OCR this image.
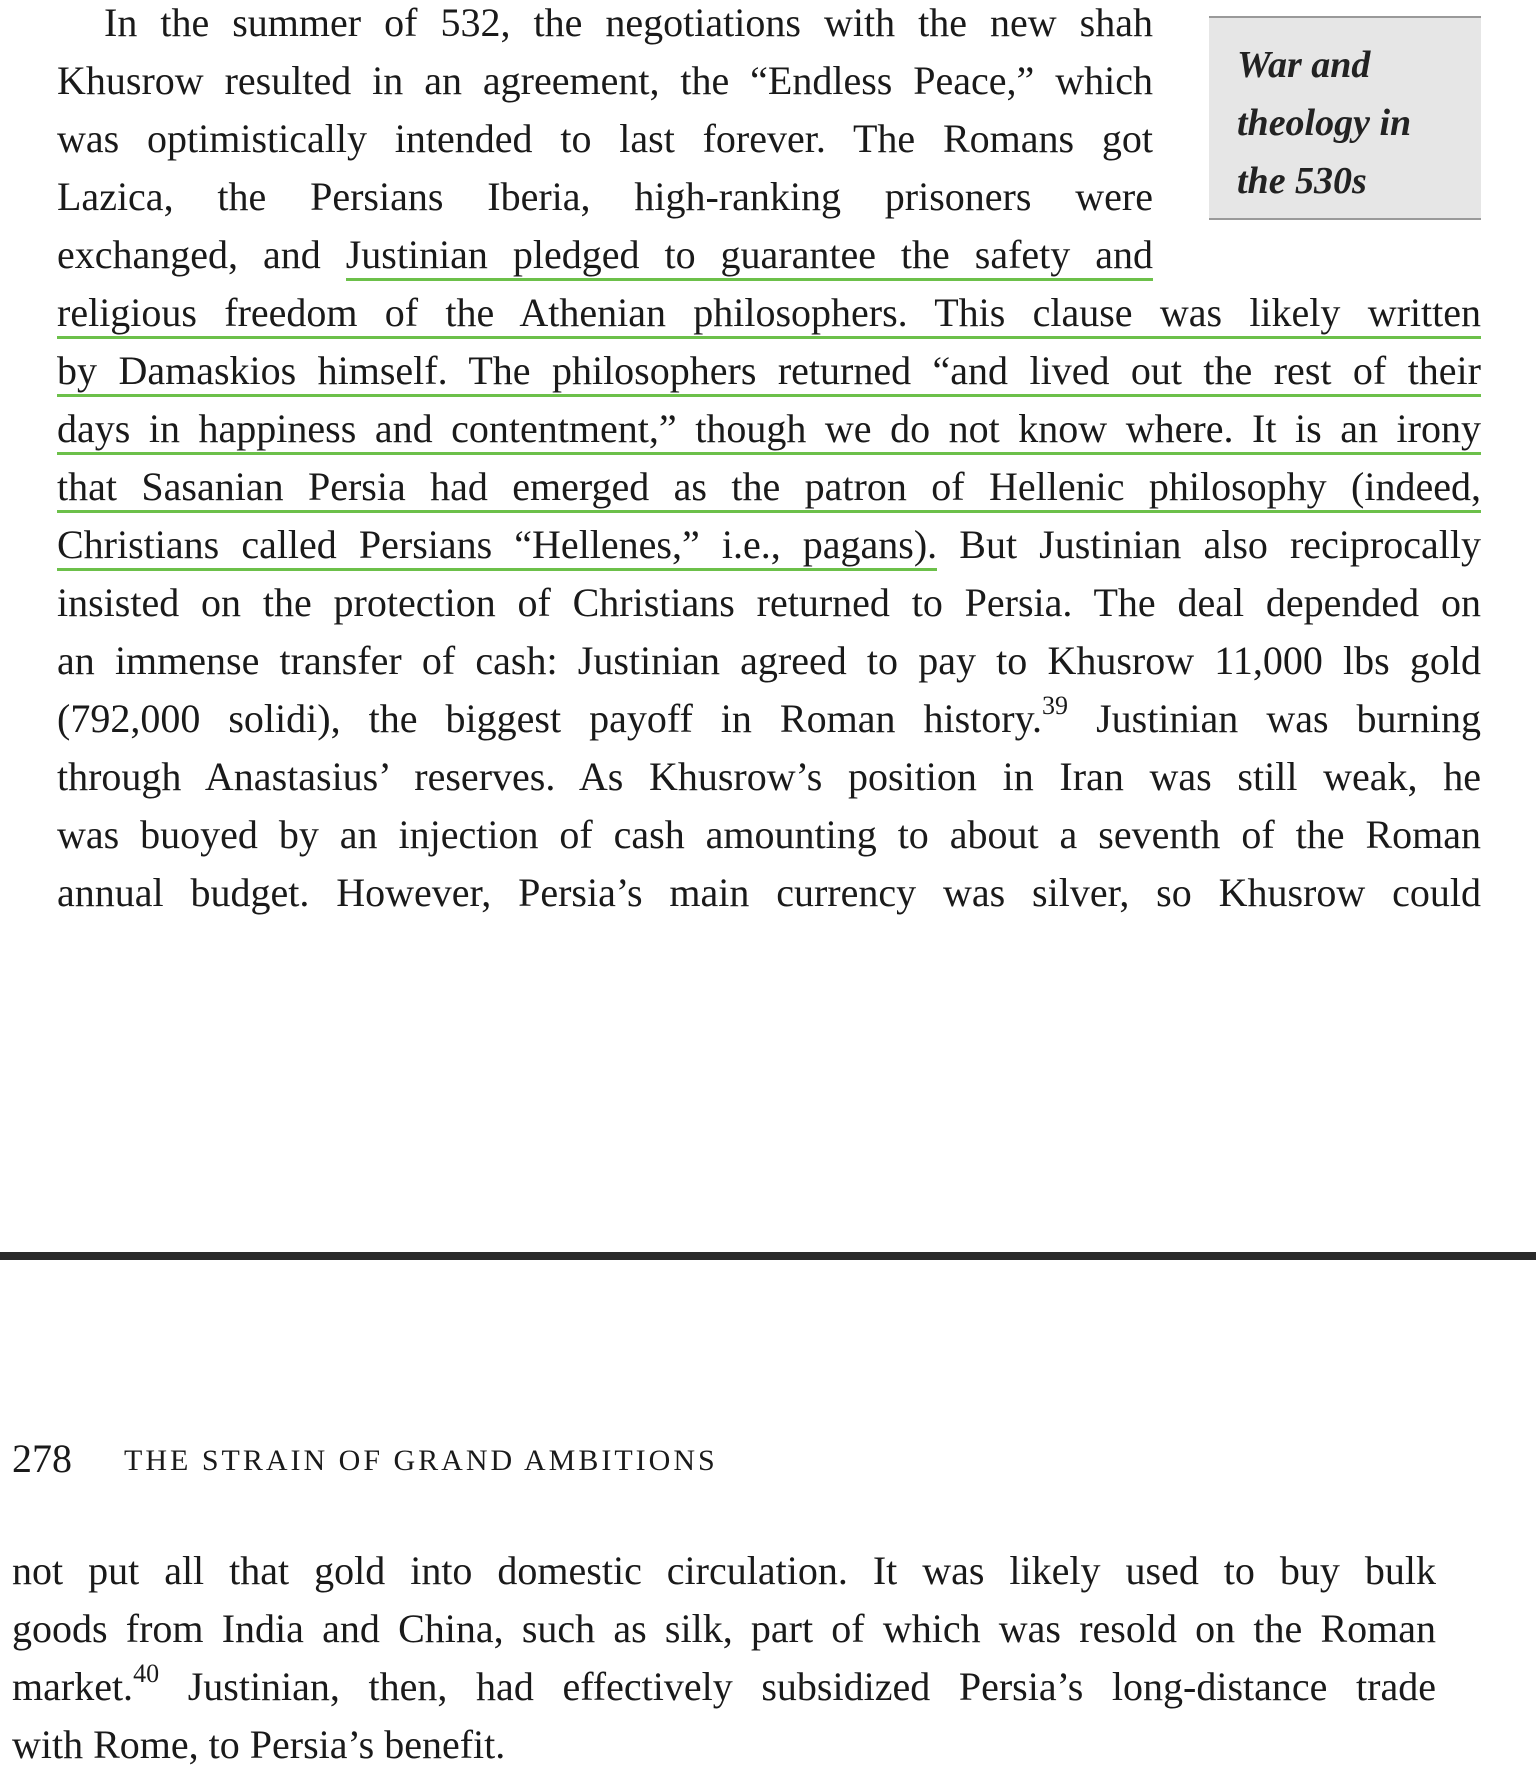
War and
theology in
the 530s
In the summer of 532, the negotiations with the new shah
Khusrow resulted in an agreement, the “Endless Peace,” which
was optimistically intended to last forever. The Romans got
Lazica, the Persians Iberia, high-ranking prisoners were
exchanged, and Justinian pledged to guarantee the safety and
religious freedom of the Athenian philosophers. This clause was likely written
by Damaskios himself. The philosophers returned “and lived out the rest of their
days in happiness and contentment,” though we do not know where. It is an irony
that Sasanian Persia had emerged as the patron of Hellenic philosophy (indeed,
Christians called Persians “Hellenes,” i.e., pagans). But Justinian also reciprocally
insisted on the protection of Christians returned to Persia. The deal depended on
an immense transfer of cash: Justinian agreed to pay to Khusrow 11,000 lbs gold
(792,000 solidi), the biggest payoff in Roman history.$^{39}$ Justinian was burning
through Anastasius’ reserves. As Khusrow’s position in Iran was still weak, he
was buoyed by an injection of cash amounting to about a seventh of the Roman
annual budget. However, Persia’s main currency was silver, so Khusrow could
278 THE STRAIN OF GRAND AMBITIONS
not put all that gold into domestic circulation. It was likely used to buy bulk
goods from India and China, such as silk, part of which was resold on the Roman
market.$^{40}$ Justinian, then, had effectively subsidized Persia’s long-distance trade
with Rome, to Persia’s benefit.
